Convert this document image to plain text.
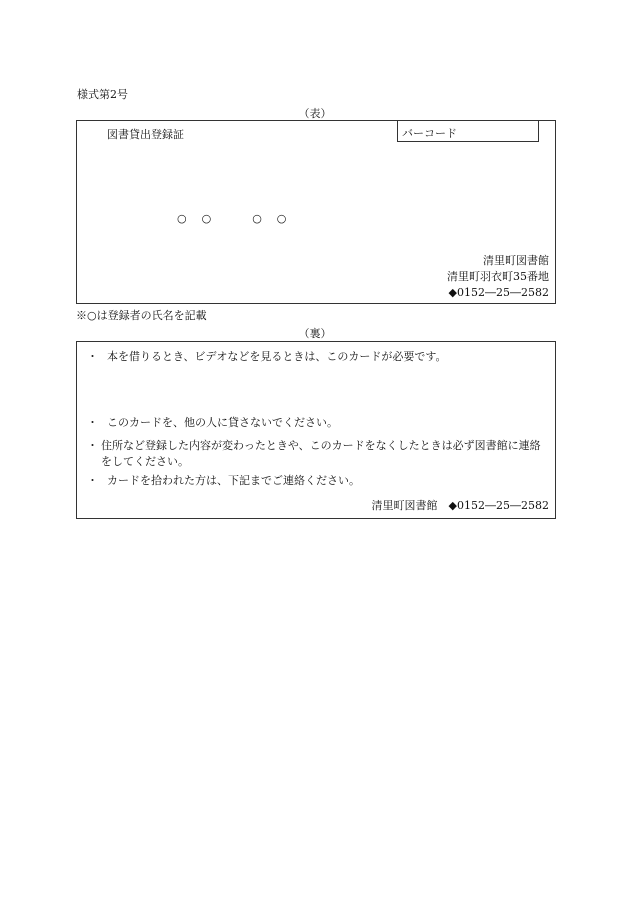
様式第2号
（表）
図書貸出登録証	バーコード
○　○　　　○　○
清里町図書館
清里町羽衣町35番地
◆0152―25―2582
※○は登録者の氏名を記載
（裏）
・ 本を借りるとき、ビデオなどを見るときは、このカードが必要です。
・ このカードを、他の人に貸さないでください。
・ 住所など登録した内容が変わったときや、このカードをなくしたときは必ず図書館に連絡をしてください。
・ カードを拾われた方は、下記までご連絡ください。
清里町図書館　◆0152―25―2582
